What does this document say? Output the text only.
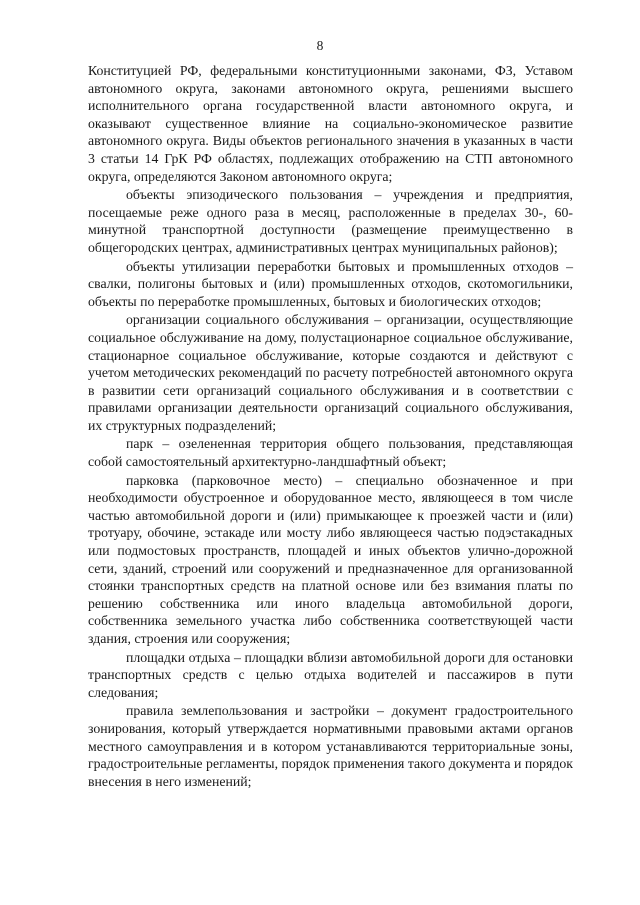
8

Конституцией РФ, федеральными конституционными законами, ФЗ, Уставом автономного округа, законами автономного округа, решениями высшего исполнительного органа государственной власти автономного округа, и оказывают существенное влияние на социально-экономическое развитие автономного округа. Виды объектов регионального значения в указанных в части 3 статьи 14 ГрК РФ областях, подлежащих отображению на СТП автономного округа, определяются Законом автономного округа;

объекты эпизодического пользования – учреждения и предприятия, посещаемые реже одного раза в месяц, расположенные в пределах 30-, 60-минутной транспортной доступности (размещение преимущественно в общегородских центрах, административных центрах муниципальных районов);

объекты утилизации переработки бытовых и промышленных отходов – свалки, полигоны бытовых и (или) промышленных отходов, скотомогильники, объекты по переработке промышленных, бытовых и биологических отходов;

организации социального обслуживания – организации, осуществляющие социальное обслуживание на дому, полустационарное социальное обслуживание, стационарное социальное обслуживание, которые создаются и действуют с учетом методических рекомендаций по расчету потребностей автономного округа в развитии сети организаций социального обслуживания и в соответствии с правилами организации деятельности организаций социального обслуживания, их структурных подразделений;

парк – озелененная территория общего пользования, представляющая собой самостоятельный архитектурно-ландшафтный объект;

парковка (парковочное место) – специально обозначенное и при необходимости обустроенное и оборудованное место, являющееся в том числе частью автомобильной дороги и (или) примыкающее к проезжей части и (или) тротуару, обочине, эстакаде или мосту либо являющееся частью подэстакадных или подмостовых пространств, площадей и иных объектов улично-дорожной сети, зданий, строений или сооружений и предназначенное для организованной стоянки транспортных средств на платной основе или без взимания платы по решению собственника или иного владельца автомобильной дороги, собственника земельного участка либо собственника соответствующей части здания, строения или сооружения;

площадки отдыха – площадки вблизи автомобильной дороги для остановки транспортных средств с целью отдыха водителей и пассажиров в пути следования;

правила землепользования и застройки – документ градостроительного зонирования, который утверждается нормативными правовыми актами органов местного самоуправления и в котором устанавливаются территориальные зоны, градостроительные регламенты, порядок применения такого документа и порядок внесения в него изменений;
